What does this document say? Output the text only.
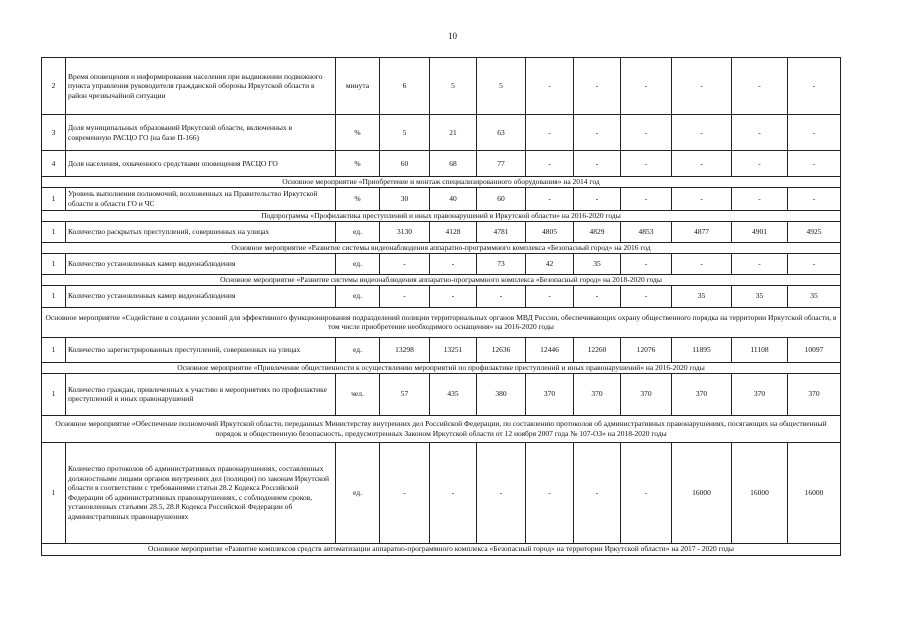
10
2	Время оповещения и информирования населения при выдвижении подвижного пункта управления руководителя гражданской обороны Иркутской области в район чрезвычайной ситуации	минута	6	5	5	-	-	-	-	-	-
3	Доля муниципальных образований Иркутской области, включенных в современную РАСЦО ГО (на базе П-166)	%	5	21	63	-	-	-	-	-	-
4	Доля населения, охваченного средствами оповещения РАСЦО ГО	%	60	68	77	-	-	-	-	-	-
Основное мероприятие «Приобретение и монтаж специализированного оборудования» на 2014 год											
1	Уровень выполнения полномочий, возложенных на Правительство Иркутской области в области ГО и ЧС	%	30	40	60	-	-	-	-	-	-
Подпрограмма «Профилактика преступлений и иных правонарушений в Иркутской области» на 2016-2020 годы											
1	Количество раскрытых преступлений, совершенных на улицах	ед.	3130	4128	4781	4805	4829	4853	4877	4901	4925
Основное мероприятие «Развитие системы видеонаблюдения аппаратно-программного комплекса «Безопасный город» на 2016 год											
1	Количество установленных камер видеонаблюдения	ед.	-	-	73	42	35	-	-	-	-
Основное мероприятие «Развитие системы видеонаблюдения аппаратно-программного комплекса «Безопасный город» на 2018-2020 годы											
1	Количество установленных камер видеонаблюдения	ед.	-	-	-	-	-	-	35	35	35
Основное мероприятие «Содействие в создании условий для эффективного функционирования подразделений полиции территориальных органов МВД России, обеспечивающих охрану общественного порядка на территории Иркутской области, в том числе приобретение необходимого оснащения» на 2016-2020 годы											
1	Количество зарегистрированных преступлений, совершенных на улицах	ед.	13298	13251	12636	12446	12260	12076	11895	11108	10097
Основное мероприятие «Привлечение общественности к осуществлению мероприятий по профилактике преступлений и иных правонарушений» на 2016-2020 годы											
1	Количество граждан, привлеченных к участию в мероприятиях по профилактике преступлений и иных правонарушений	чел.	57	435	380	370	370	370	370	370	370
Основное мероприятие «Обеспечение полномочий Иркутской области, переданных Министерству внутренних дел Российской Федерации, по составлению протоколов об административных правонарушениях, посягающих на общественный порядок и общественную безопасность, предусмотренных Законом Иркутской области от 12 ноября 2007 года № 107-ОЗ» на 2018-2020 годы											
1	Количество протоколов об административных правонарушениях, составленных должностными лицами органов внутренних дел (полиции) по законам Иркутской области в соответствии с требованиями статьи 28.2 Кодекса Российской Федерации об административных правонарушениях, с соблюдением сроков, установленных статьями 28.5, 28.8 Кодекса Российской Федерации об административных правонарушениях	ед.	-	-	-	-	-	-	16000	16000	16000
Основное мероприятие «Развитие комплексов средств автоматизации аппаратно-программного комплекса «Безопасный город» на территории Иркутской области» на 2017 - 2020 годы											
